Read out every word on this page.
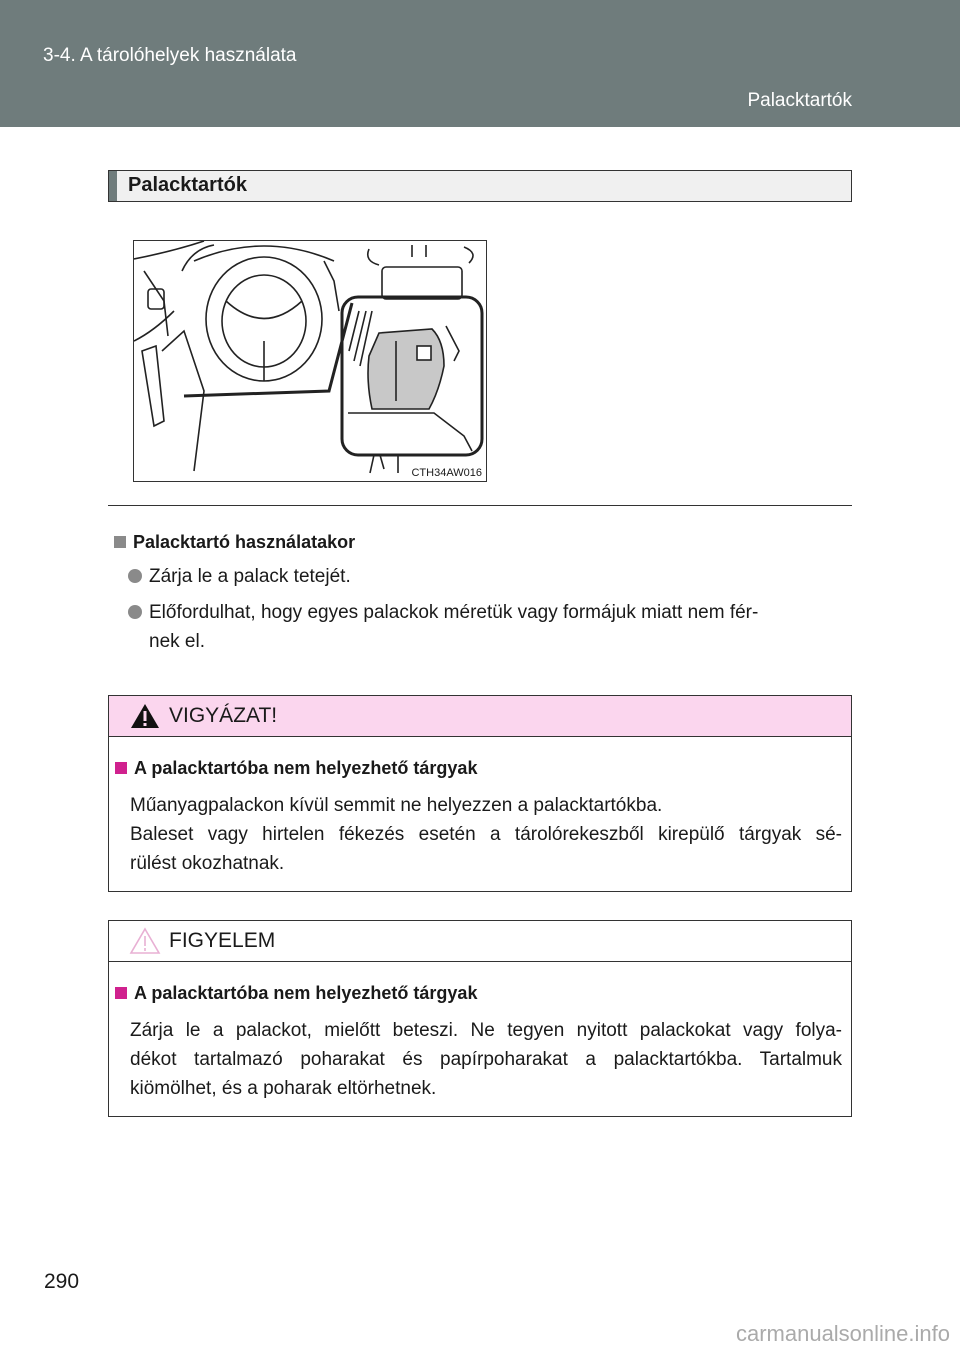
3-4. A tárolóhelyek használata
Palacktartók
Palacktartók
CTH34AW016
Palacktartó használatakor
Zárja le a palack tetejét.
Előfordulhat, hogy egyes palackok méretük vagy formájuk miatt nem fér-
nek el.
VIGYÁZAT!
A palacktartóba nem helyezhető tárgyak
Műanyagpalackon kívül semmit ne helyezzen a palacktartókba.
Baleset vagy hirtelen fékezés esetén a tárolórekeszből kirepülő tárgyak sé-
rülést okozhatnak.
FIGYELEM
A palacktartóba nem helyezhető tárgyak
Zárja le a palackot, mielőtt beteszi. Ne tegyen nyitott palackokat vagy folya-
dékot tartalmazó poharakat és papírpoharakat a palacktartókba. Tartalmuk
kiömölhet, és a poharak eltörhetnek.
290
carmanualsonline.info
